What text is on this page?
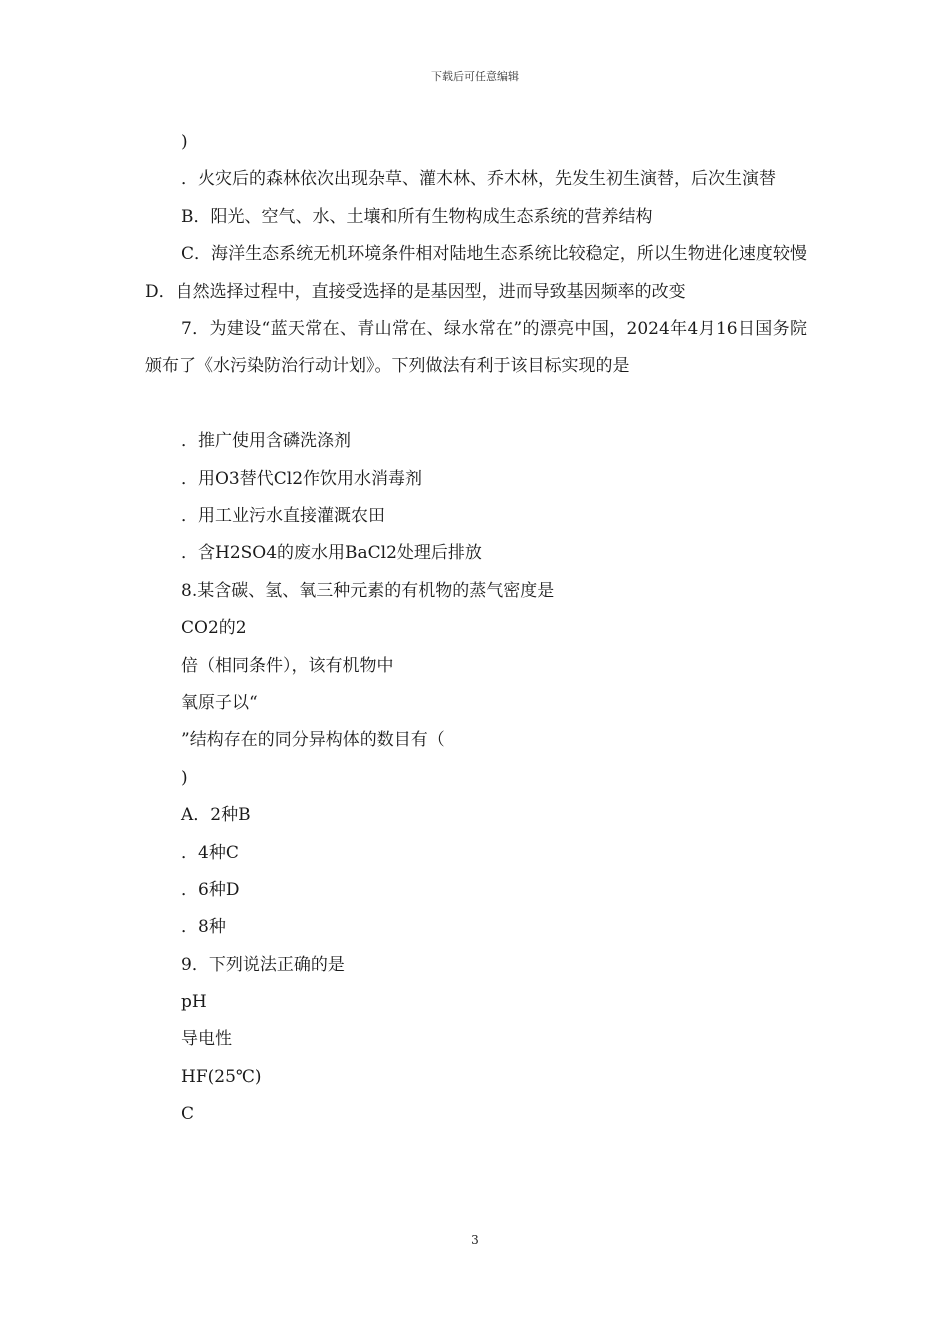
下载后可任意编辑
)

．火灾后的森林依次出现杂草、灌木林、乔木林，先发生初生演替，后次生演替

B．阳光、空气、水、土壤和所有生物构成生态系统的营养结构

C．海洋生态系统无机环境条件相对陆地生态系统比较稳定，所以生物进化速度较慢D．自然选择过程中，直接受选择的是基因型，进而导致基因频率的改变

7．为建设“蓝天常在、青山常在、绿水常在”的漂亮中国，2024年4月16日国务院颁布了《水污染防治行动计划》。下列做法有利于该目标实现的是

．推广使用含磷洗涤剂
．用O3替代Cl2作饮用水消毒剂
．用工业污水直接灌溉农田
．含H2SO4的废水用BaCl2处理后排放
8.某含碳、氢、氧三种元素的有机物的蒸气密度是
CO2的2
倍（相同条件），该有机物中
氧原子以“
”结构存在的同分异构体的数目有（
)
A．2种B
．4种C
．6种D
．8种
9．下列说法正确的是
pH
导电性
HF(25℃)
C
3
